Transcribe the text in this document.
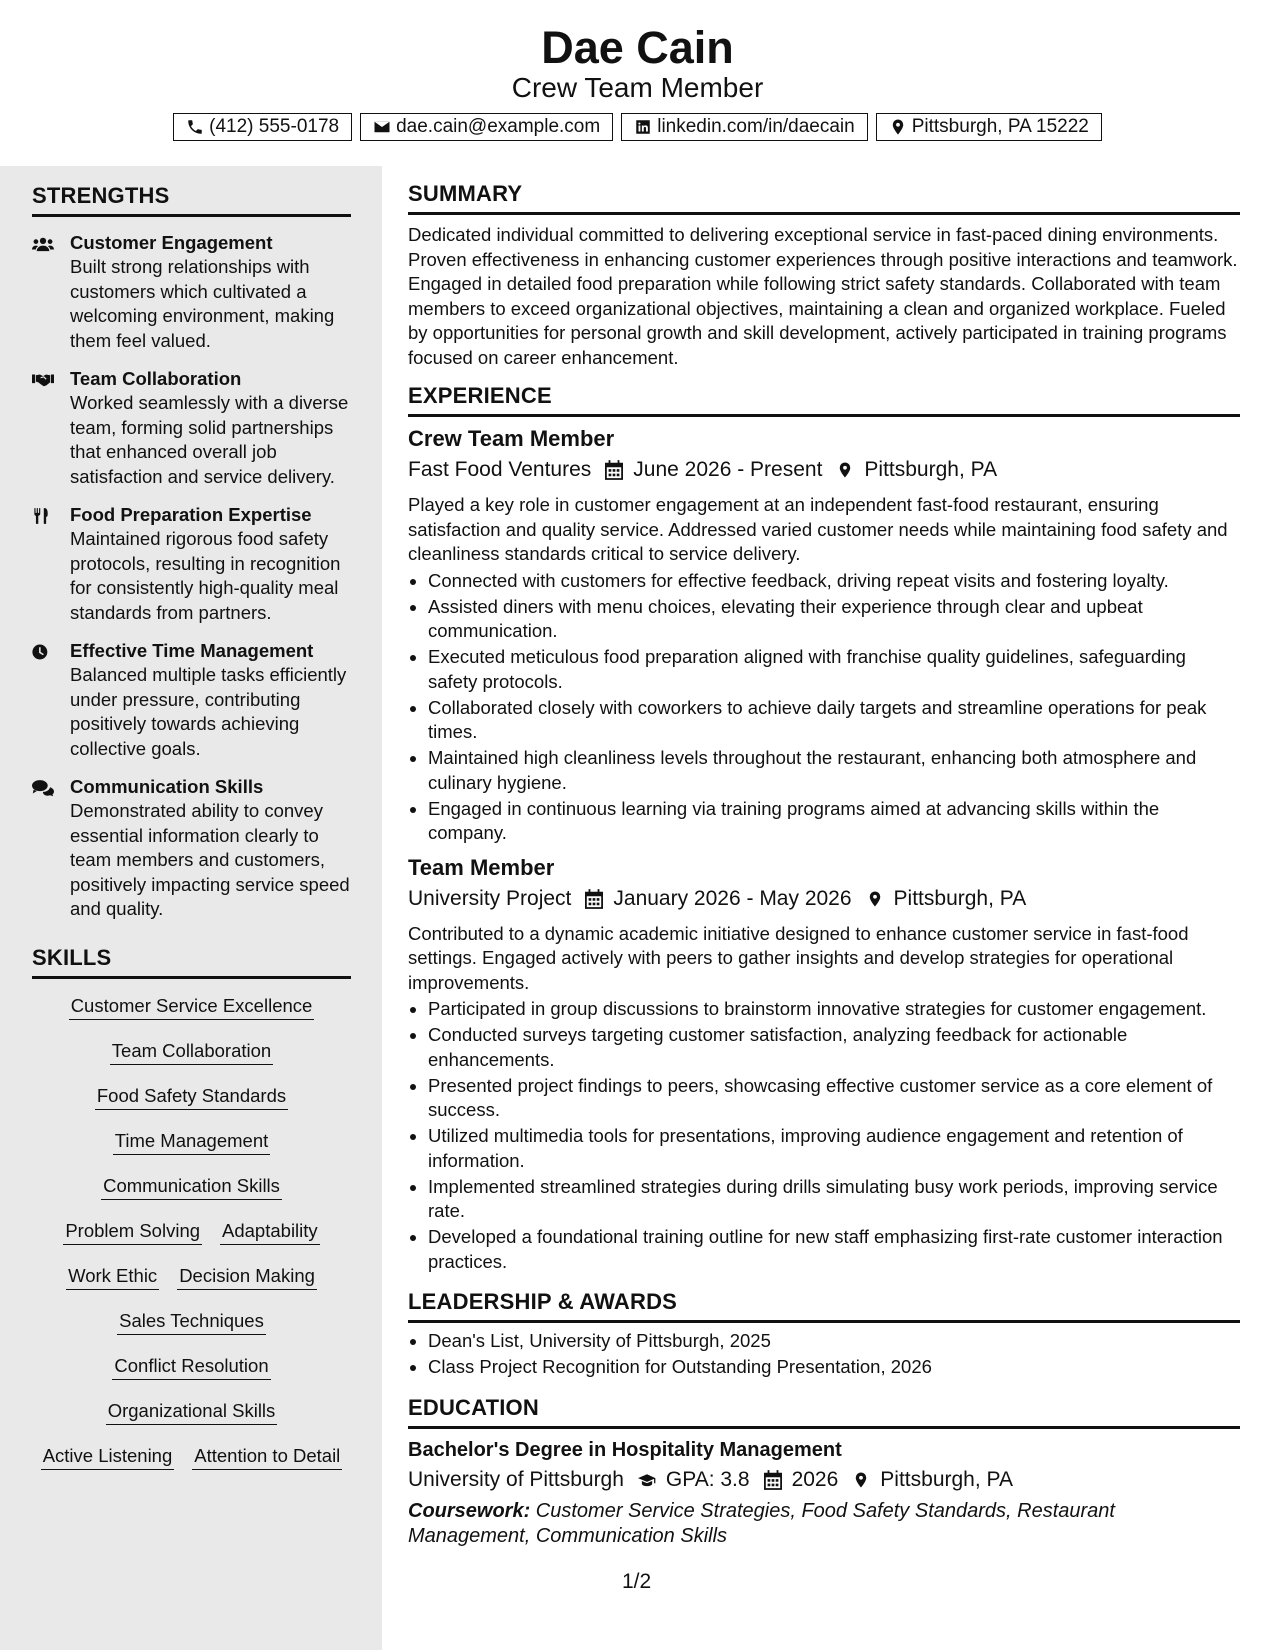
Dae Cain
Crew Team Member
(412) 555-0178	dae.cain@example.com	linkedin.com/in/daecain	Pittsburgh, PA 15222
STRENGTHS
Customer Engagement
Built strong relationships with customers which cultivated a welcoming environment, making them feel valued.
Team Collaboration
Worked seamlessly with a diverse team, forming solid partnerships that enhanced overall job satisfaction and service delivery.
Food Preparation Expertise
Maintained rigorous food safety protocols, resulting in recognition for consistently high-quality meal standards from partners.
Effective Time Management
Balanced multiple tasks efficiently under pressure, contributing positively towards achieving collective goals.
Communication Skills
Demonstrated ability to convey essential information clearly to team members and customers, positively impacting service speed and quality.
SKILLS
Customer Service Excellence
Team Collaboration
Food Safety Standards
Time Management
Communication Skills
Problem Solving Adaptability
Work Ethic Decision Making
Sales Techniques
Conflict Resolution
Organizational Skills
Active Listening Attention to Detail
SUMMARY
Dedicated individual committed to delivering exceptional service in fast-paced dining environments. Proven effectiveness in enhancing customer experiences through positive interactions and teamwork. Engaged in detailed food preparation while following strict safety standards. Collaborated with team members to exceed organizational objectives, maintaining a clean and organized workplace. Fueled by opportunities for personal growth and skill development, actively participated in training programs focused on career enhancement.
EXPERIENCE
Crew Team Member
Fast Food Ventures June 2026 - Present Pittsburgh, PA
Played a key role in customer engagement at an independent fast-food restaurant, ensuring satisfaction and quality service. Addressed varied customer needs while maintaining food safety and cleanliness standards critical to service delivery.
• Connected with customers for effective feedback, driving repeat visits and fostering loyalty.
• Assisted diners with menu choices, elevating their experience through clear and upbeat communication.
• Executed meticulous food preparation aligned with franchise quality guidelines, safeguarding safety protocols.
• Collaborated closely with coworkers to achieve daily targets and streamline operations for peak times.
• Maintained high cleanliness levels throughout the restaurant, enhancing both atmosphere and culinary hygiene.
• Engaged in continuous learning via training programs aimed at advancing skills within the company.
Team Member
University Project January 2026 - May 2026 Pittsburgh, PA
Contributed to a dynamic academic initiative designed to enhance customer service in fast-food settings. Engaged actively with peers to gather insights and develop strategies for operational improvements.
• Participated in group discussions to brainstorm innovative strategies for customer engagement.
• Conducted surveys targeting customer satisfaction, analyzing feedback for actionable enhancements.
• Presented project findings to peers, showcasing effective customer service as a core element of success.
• Utilized multimedia tools for presentations, improving audience engagement and retention of information.
• Implemented streamlined strategies during drills simulating busy work periods, improving service rate.
• Developed a foundational training outline for new staff emphasizing first-rate customer interaction practices.
LEADERSHIP & AWARDS
• Dean's List, University of Pittsburgh, 2025
• Class Project Recognition for Outstanding Presentation, 2026
EDUCATION
Bachelor's Degree in Hospitality Management
University of Pittsburgh GPA: 3.8 2026 Pittsburgh, PA
Coursework: Customer Service Strategies, Food Safety Standards, Restaurant Management, Communication Skills
1/2
